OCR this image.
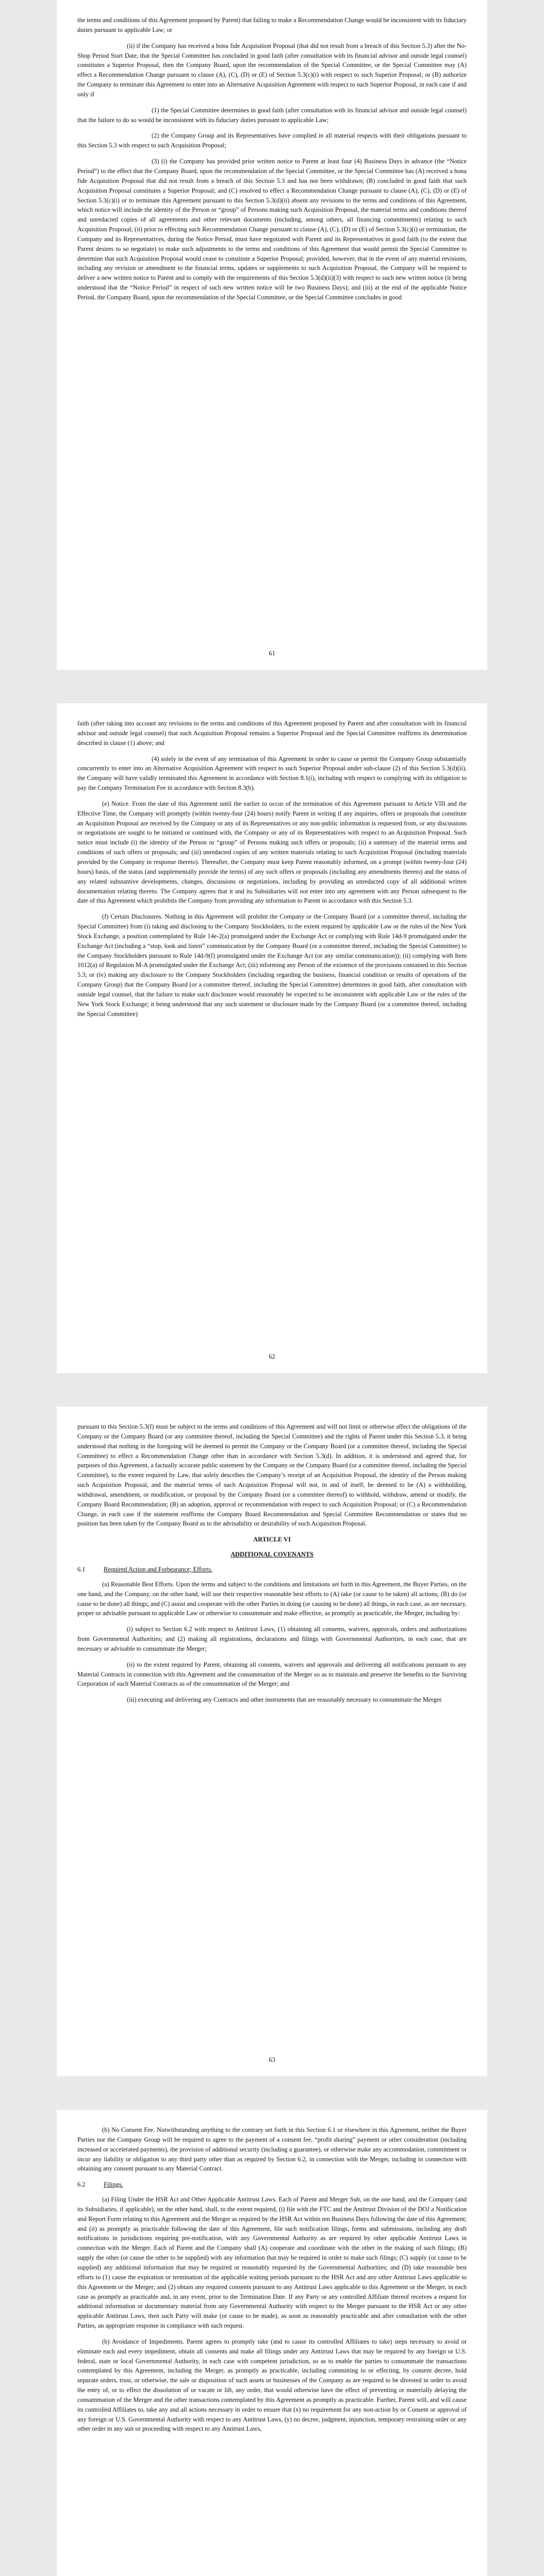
the terms and conditions of this Agreement proposed by Parent) that failing to make a Recommendation Change would be inconsistent with its fiduciary duties pursuant to applicable Law; or

(ii) if the Company has received a bona fide Acquisition Proposal (that did not result from a breach of this Section 5.3) after the No-Shop Period Start Date, that the Special Committee has concluded in good faith (after consultation with its financial advisor and outside legal counsel) constitutes a Superior Proposal, then the Company Board, upon the recommendation of the Special Committee, or the Special Committee may (A) effect a Recommendation Change pursuant to clause (A), (C), (D) or (E) of Section 5.3(c)(i) with respect to such Superior Proposal; or (B) authorize the Company to terminate this Agreement to enter into an Alternative Acquisition Agreement with respect to such Superior Proposal, in each case if and only if

(1) the Special Committee determines in good faith (after consultation with its financial advisor and outside legal counsel) that the failure to do so would be inconsistent with its fiduciary duties pursuant to applicable Law;

(2) the Company Group and its Representatives have complied in all material respects with their obligations pursuant to this Section 5.3 with respect to such Acquisition Proposal;

(3) (i) the Company has provided prior written notice to Parent at least four (4) Business Days in advance (the “Notice Period”) to the effect that the Company Board, upon the recommendation of the Special Committee, or the Special Committee has (A) received a bona fide Acquisition Proposal that did not result from a breach of this Section 5.3 and has not been withdrawn; (B) concluded in good faith that such Acquisition Proposal constitutes a Superior Proposal; and (C) resolved to effect a Recommendation Change pursuant to clause (A), (C), (D) or (E) of Section 5.3(c)(i) or to terminate this Agreement pursuant to this Section 5.3(d)(ii) absent any revisions to the terms and conditions of this Agreement, which notice will include the identity of the Person or “group” of Persons making such Acquisition Proposal, the material terms and conditions thereof and unredacted copies of all agreements and other relevant documents (including, among others, all financing commitments) relating to such Acquisition Proposal; (ii) prior to effecting such Recommendation Change pursuant to clause (A), (C), (D) or (E) of Section 5.3(c)(i) or termination, the Company and its Representatives, during the Notice Period, must have negotiated with Parent and its Representatives in good faith (to the extent that Parent desires to so negotiate) to make such adjustments to the terms and conditions of this Agreement that would permit the Special Committee to determine that such Acquisition Proposal would cease to constitute a Superior Proposal; provided, however, that in the event of any material revisions, including any revision or amendment to the financial terms, updates or supplements to such Acquisition Proposal, the Company will be required to deliver a new written notice to Parent and to comply with the requirements of this Section 5.3(d)(ii)(3) with respect to such new written notice (it being understood that the “Notice Period” in respect of such new written notice will be two Business Days); and (iii) at the end of the applicable Notice Period, the Company Board, upon the recommendation of the Special Committee, or the Special Committee concludes in good

61

faith (after taking into account any revisions to the terms and conditions of this Agreement proposed by Parent and after consultation with its financial advisor and outside legal counsel) that such Acquisition Proposal remains a Superior Proposal and the Special Committee reaffirms its determination described in clause (1) above; and

(4) solely in the event of any termination of this Agreement in order to cause or permit the Company Group substantially concurrently to enter into an Alternative Acquisition Agreement with respect to such Superior Proposal under sub-clause (2) of this Section 5.3(d)(ii), the Company will have validly terminated this Agreement in accordance with Section 8.1(i), including with respect to complying with its obligation to pay the Company Termination Fee in accordance with Section 8.3(b).

(e) Notice. From the date of this Agreement until the earlier to occur of the termination of this Agreement pursuant to Article VIII and the Effective Time, the Company will promptly (within twenty-four (24) hours) notify Parent in writing if any inquiries, offers or proposals that constitute an Acquisition Proposal are received by the Company or any of its Representatives or any non-public information is requested from, or any discussions or negotiations are sought to be initiated or continued with, the Company or any of its Representatives with respect to an Acquisition Proposal. Such notice must include (i) the identity of the Person or “group” of Persons making such offers or proposals; (ii) a summary of the material terms and conditions of such offers or proposals; and (iii) unredacted copies of any written materials relating to such Acquisition Proposal (including materials provided by the Company in response thereto). Thereafter, the Company must keep Parent reasonably informed, on a prompt (within twenty-four (24) hours) basis, of the status (and supplementally provide the terms) of any such offers or proposals (including any amendments thereto) and the status of any related substantive developments, changes, discussions or negotiations, including by providing an unredacted copy of all additional written documentation relating thereto. The Company agrees that it and its Subsidiaries will not enter into any agreement with any Person subsequent to the date of this Agreement which prohibits the Company from providing any information to Parent in accordance with this Section 5.3.

(f) Certain Disclosures. Nothing in this Agreement will prohibit the Company or the Company Board (or a committee thereof, including the Special Committee) from (i) taking and disclosing to the Company Stockholders, to the extent required by applicable Law or the rules of the New York Stock Exchange, a position contemplated by Rule 14e-2(a) promulgated under the Exchange Act or complying with Rule 14d-9 promulgated under the Exchange Act (including a “stop, look and listen” communication by the Company Board (or a committee thereof, including the Special Committee) to the Company Stockholders pursuant to Rule 14d-9(f) promulgated under the Exchange Act (or any similar communication)); (ii) complying with Item 1012(a) of Regulation M-A promulgated under the Exchange Act; (iii) informing any Person of the existence of the provisions contained in this Section 5.3; or (iv) making any disclosure to the Company Stockholders (including regarding the business, financial condition or results of operations of the Company Group) that the Company Board (or a committee thereof, including the Special Committee) determines in good faith, after consultation with outside legal counsel, that the failure to make such disclosure would reasonably be expected to be inconsistent with applicable Law or the rules of the New York Stock Exchange; it being understood that any such statement or disclosure made by the Company Board (or a committee thereof, including the Special Committee)

62

pursuant to this Section 5.3(f) must be subject to the terms and conditions of this Agreement and will not limit or otherwise affect the obligations of the Company or the Company Board (or any committee thereof, including the Special Committee) and the rights of Parent under this Section 5.3, it being understood that nothing in the foregoing will be deemed to permit the Company or the Company Board (or a committee thereof, including the Special Committee) to effect a Recommendation Change other than in accordance with Section 5.3(d). In addition, it is understood and agreed that, for purposes of this Agreement, a factually accurate public statement by the Company or the Company Board (or a committee thereof, including the Special Committee), to the extent required by Law, that solely describes the Company’s receipt of an Acquisition Proposal, the identity of the Person making such Acquisition Proposal, and the material terms of such Acquisition Proposal will not, in and of itself, be deemed to be (A) a withholding, withdrawal, amendment, or modification, or proposal by the Company Board (or a committee thereof) to withhold, withdraw, amend or modify, the Company Board Recommendation; (B) an adoption, approval or recommendation with respect to such Acquisition Proposal; or (C) a Recommendation Change, in each case if the statement reaffirms the Company Board Recommendation and Special Committee Recommendation or states that no position has been taken by the Company Board as to the advisability or desirability of such Acquisition Proposal.

ARTICLE VI
ADDITIONAL COVENANTS
6.1	Required Action and Forbearance; Efforts.

(a) Reasonable Best Efforts. Upon the terms and subject to the conditions and limitations set forth in this Agreement, the Buyer Parties, on the one hand, and the Company, on the other hand, will use their respective reasonable best efforts to (A) take (or cause to be taken) all actions; (B) do (or cause to be done) all things; and (C) assist and cooperate with the other Parties in doing (or causing to be done) all things, in each case, as are necessary, proper or advisable pursuant to applicable Law or otherwise to consummate and make effective, as promptly as practicable, the Merger, including by:

(i) subject to Section 6.2 with respect to Antitrust Laws, (1) obtaining all consents, waivers, approvals, orders and authorizations from Governmental Authorities; and (2) making all registrations, declarations and filings with Governmental Authorities, in each case, that are necessary or advisable to consummate the Merger;

(ii) to the extent required by Parent, obtaining all consents, waivers and approvals and delivering all notifications pursuant to any Material Contracts in connection with this Agreement and the consummation of the Merger so as to maintain and preserve the benefits to the Surviving Corporation of such Material Contracts as of the consummation of the Merger; and

(iii) executing and delivering any Contracts and other instruments that are reasonably necessary to consummate the Merger.

63

(b) No Consent Fee. Notwithstanding anything to the contrary set forth in this Section 6.1 or elsewhere in this Agreement, neither the Buyer Parties nor the Company Group will be required to agree to the payment of a consent fee, “profit sharing” payment or other consideration (including increased or accelerated payments), the provision of additional security (including a guarantee), or otherwise make any accommodation, commitment or incur any liability or obligation to any third party other than as required by Section 6.2, in connection with the Merger, including in connection with obtaining any consent pursuant to any Material Contract.

6.2	Filings.

(a) Filing Under the HSR Act and Other Applicable Antitrust Laws. Each of Parent and Merger Sub, on the one hand, and the Company (and its Subsidiaries, if applicable), on the other hand, shall, to the extent required, (i) file with the FTC and the Antitrust Division of the DOJ a Notification and Report Form relating to this Agreement and the Merger as required by the HSR Act within ten Business Days following the date of this Agreement; and (ii) as promptly as practicable following the date of this Agreement, file such notification filings, forms and submissions, including any draft notifications in jurisdictions requiring pre-notification, with any Governmental Authority as are required by other applicable Antitrust Laws in connection with the Merger. Each of Parent and the Company shall (A) cooperate and coordinate with the other in the making of such filings; (B) supply the other (or cause the other to be supplied) with any information that may be required in order to make such filings; (C) supply (or cause to be supplied) any additional information that may be required or reasonably requested by the Governmental Authorities; and (D) take reasonable best efforts to (1) cause the expiration or termination of the applicable waiting periods pursuant to the HSR Act and any other Antitrust Laws applicable to this Agreement or the Merger; and (2) obtain any required consents pursuant to any Antitrust Laws applicable to this Agreement or the Merger, in each case as promptly as practicable and, in any event, prior to the Termination Date. If any Party or any controlled Affiliate thereof receives a request for additional information or documentary material from any Governmental Authority with respect to the Merger pursuant to the HSR Act or any other applicable Antitrust Laws, then such Party will make (or cause to be made), as soon as reasonably practicable and after consultation with the other Parties, an appropriate response in compliance with such request.

(b) Avoidance of Impediments. Parent agrees to promptly take (and to cause its controlled Affiliates to take) steps necessary to avoid or eliminate each and every impediment, obtain all consents and make all filings under any Antitrust Laws that may be required by any foreign or U.S. federal, state or local Governmental Authority, in each case with competent jurisdiction, so as to enable the parties to consummate the transactions contemplated by this Agreement, including the Merger, as promptly as practicable, including committing to or effecting, by consent decree, hold separate orders, trust, or otherwise, the sale or disposition of such assets or businesses of the Company as are required to be divested in order to avoid the entry of, or to effect the dissolution of or vacate or lift, any order, that would otherwise have the effect of preventing or materially delaying the consummation of the Merger and the other transactions contemplated by this Agreement as promptly as practicable. Further, Parent will, and will cause its controlled Affiliates to, take any and all actions necessary in order to ensure that (x) no requirement for any non-action by or Consent or approval of any foreign or U.S. Governmental Authority with respect to any Antitrust Laws, (y) no decree, judgment, injunction, temporary restraining order or any other order in any suit or proceeding with respect to any Antitrust Laws,
